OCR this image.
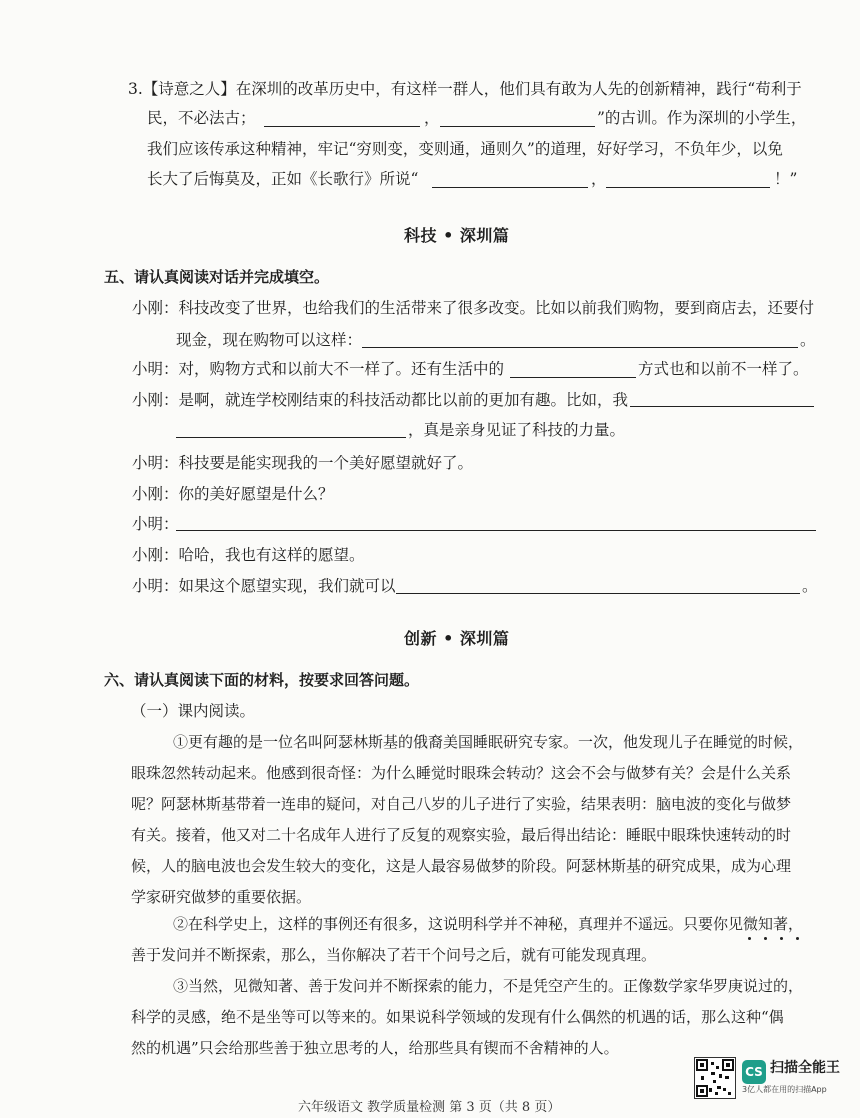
3.【诗意之人】在深圳的改革历史中，有这样一群人，他们具有敢为人先的创新精神，践行“苟利于
民，不必法古；	，	”的古训。作为深圳的小学生，
我们应该传承这种精神，牢记“穷则变，变则通，通则久”的道理，好好学习，不负年少，以免
长大了后悔莫及，正如《长歌行》所说“	，	！”
科技 • 深圳篇
五、请认真阅读对话并完成填空。
小刚：科技改变了世界，也给我们的生活带来了很多改变。比如以前我们购物，要到商店去，还要付
现金，现在购物可以这样：	。
小明：对，购物方式和以前大不一样了。还有生活中的	方式也和以前不一样了。
小刚：是啊，就连学校刚结束的科技活动都比以前的更加有趣。比如，我
，真是亲身见证了科技的力量。
小明：科技要是能实现我的一个美好愿望就好了。
小刚：你的美好愿望是什么？
小明：
小刚：哈哈，我也有这样的愿望。
小明：如果这个愿望实现，我们就可以	。
创新 • 深圳篇
六、请认真阅读下面的材料，按要求回答问题。
（一）课内阅读。
①更有趣的是一位名叫阿瑟林斯基的俄裔美国睡眠研究专家。一次，他发现儿子在睡觉的时候，
眼珠忽然转动起来。他感到很奇怪：为什么睡觉时眼珠会转动？这会不会与做梦有关？会是什么关系
呢？阿瑟林斯基带着一连串的疑问，对自己八岁的儿子进行了实验，结果表明：脑电波的变化与做梦
有关。接着，他又对二十名成年人进行了反复的观察实验，最后得出结论：睡眠中眼珠快速转动的时
候，人的脑电波也会发生较大的变化，这是人最容易做梦的阶段。阿瑟林斯基的研究成果，成为心理
学家研究做梦的重要依据。
②在科学史上，这样的事例还有很多，这说明科学并不神秘，真理并不遥远。只要你见微知著，
善于发问并不断探索，那么，当你解决了若干个问号之后，就有可能发现真理。
③当然，见微知著、善于发问并不断探索的能力，不是凭空产生的。正像数学家华罗庚说过的，
科学的灵感，绝不是坐等可以等来的。如果说科学领域的发现有什么偶然的机遇的话，那么这种“偶
然的机遇”只会给那些善于独立思考的人，给那些具有锲而不舍精神的人。
CS 扫描全能王
3亿人都在用的扫描App
六年级语文 教学质量检测 第 3 页（共 8 页）
